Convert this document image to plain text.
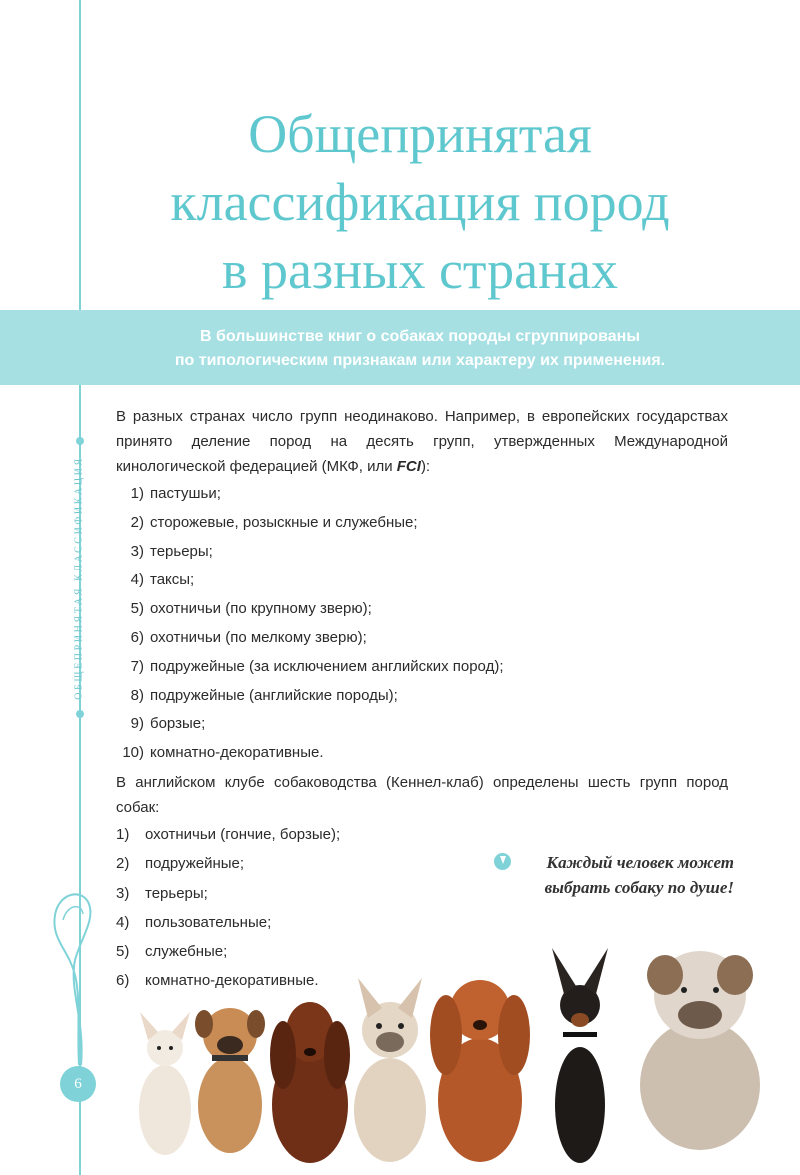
ОБЩЕПРИНЯТАЯ КЛАССИФИКАЦИЯ
6
Общепринятая
классификация пород
в разных странах
В большинстве книг о собаках породы сгруппированы
по типологическим признакам или характеру их применения.
В разных странах число групп неодинаково. Например, в европейских государствах принято деление пород на десять групп, утвержденных Международной кинологической федерацией (МКФ, или FCI):
1) пастушьи;
2) сторожевые, розыскные и служебные;
3) терьеры;
4) таксы;
5) охотничьи (по крупному зверю);
6) охотничьи (по мелкому зверю);
7) подружейные (за исключением английских пород);
8) подружейные (английские породы);
9) борзые;
10) комнатно-декоративные.
В английском клубе собаководства (Кеннел-клаб) определены шесть групп пород собак:
1) охотничьи (гончие, борзые);
2) подружейные;
3) терьеры;
4) пользовательные;
5) служебные;
6) комнатно-декоративные.
Каждый человек может
выбрать собаку по душе!
